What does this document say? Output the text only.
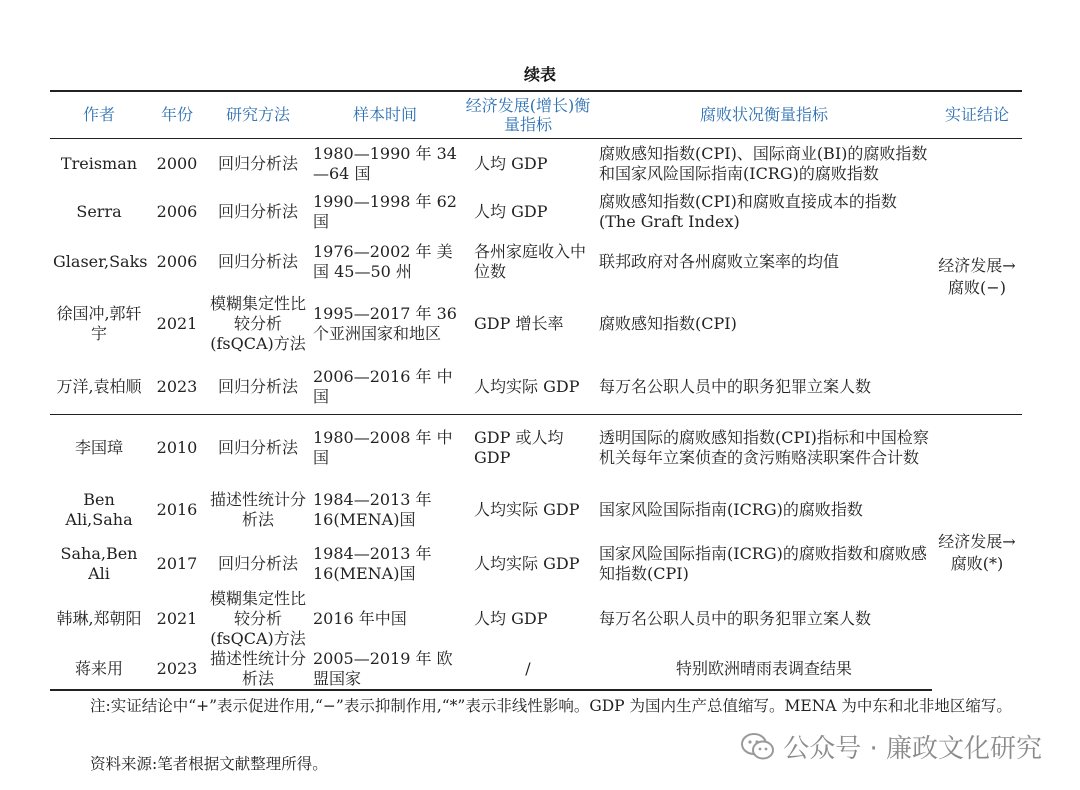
续表
作者	年份	研究方法	样本时间	经济发展(增长)衡量指标	腐败状况衡量指标	实证结论
Treisman	2000	回归分析法	1980—1990 年 34—64 国	人均 GDP	腐败感知指数(CPI)、国际商业(BI)的腐败指数和国家风险国际指南(ICRG)的腐败指数	经济发展→腐败(−)
Serra	2006	回归分析法	1990—1998 年 62 国	人均 GDP	腐败感知指数(CPI)和腐败直接成本的指数(The Graft Index)	
Glaser,Saks	2006	回归分析法	1976—2002 年 美国 45—50 州	各州家庭收入中位数	联邦政府对各州腐败立案率的均值	
徐国冲,郭轩宇	2021	模糊集定性比较分析(fsQCA)方法	1995—2017 年 36 个亚洲国家和地区	GDP 增长率	腐败感知指数(CPI)	
万洋,袁柏顺	2023	回归分析法	2006—2016 年 中国	人均实际 GDP	每万名公职人员中的职务犯罪立案人数	
李国璋	2010	回归分析法	1980—2008 年 中国	GDP 或人均 GDP	透明国际的腐败感知指数(CPI)指标和中国检察机关每年立案侦查的贪污贿赂渎职案件合计数	经济发展→腐败(*)
Ben Ali,Saha	2016	描述性统计分析法	1984—2013 年 16(MENA)国	人均实际 GDP	国家风险国际指南(ICRG)的腐败指数	
Saha,Ben Ali	2017	回归分析法	1984—2013 年 16(MENA)国	人均实际 GDP	国家风险国际指南(ICRG)的腐败指数和腐败感知指数(CPI)	
韩琳,郑朝阳	2021	模糊集定性比较分析(fsQCA)方法	2016 年中国	人均 GDP	每万名公职人员中的职务犯罪立案人数	
蒋来用	2023	描述性统计分析法	2005—2019 年 欧盟国家	/	特别欧洲晴雨表调查结果	
注:实证结论中“+”表示促进作用,“−”表示抑制作用,“*”表示非线性影响。GDP 为国内生产总值缩写。MENA 为中东和北非地区缩写。
资料来源:笔者根据文献整理所得。	公众号 · 廉政文化研究
